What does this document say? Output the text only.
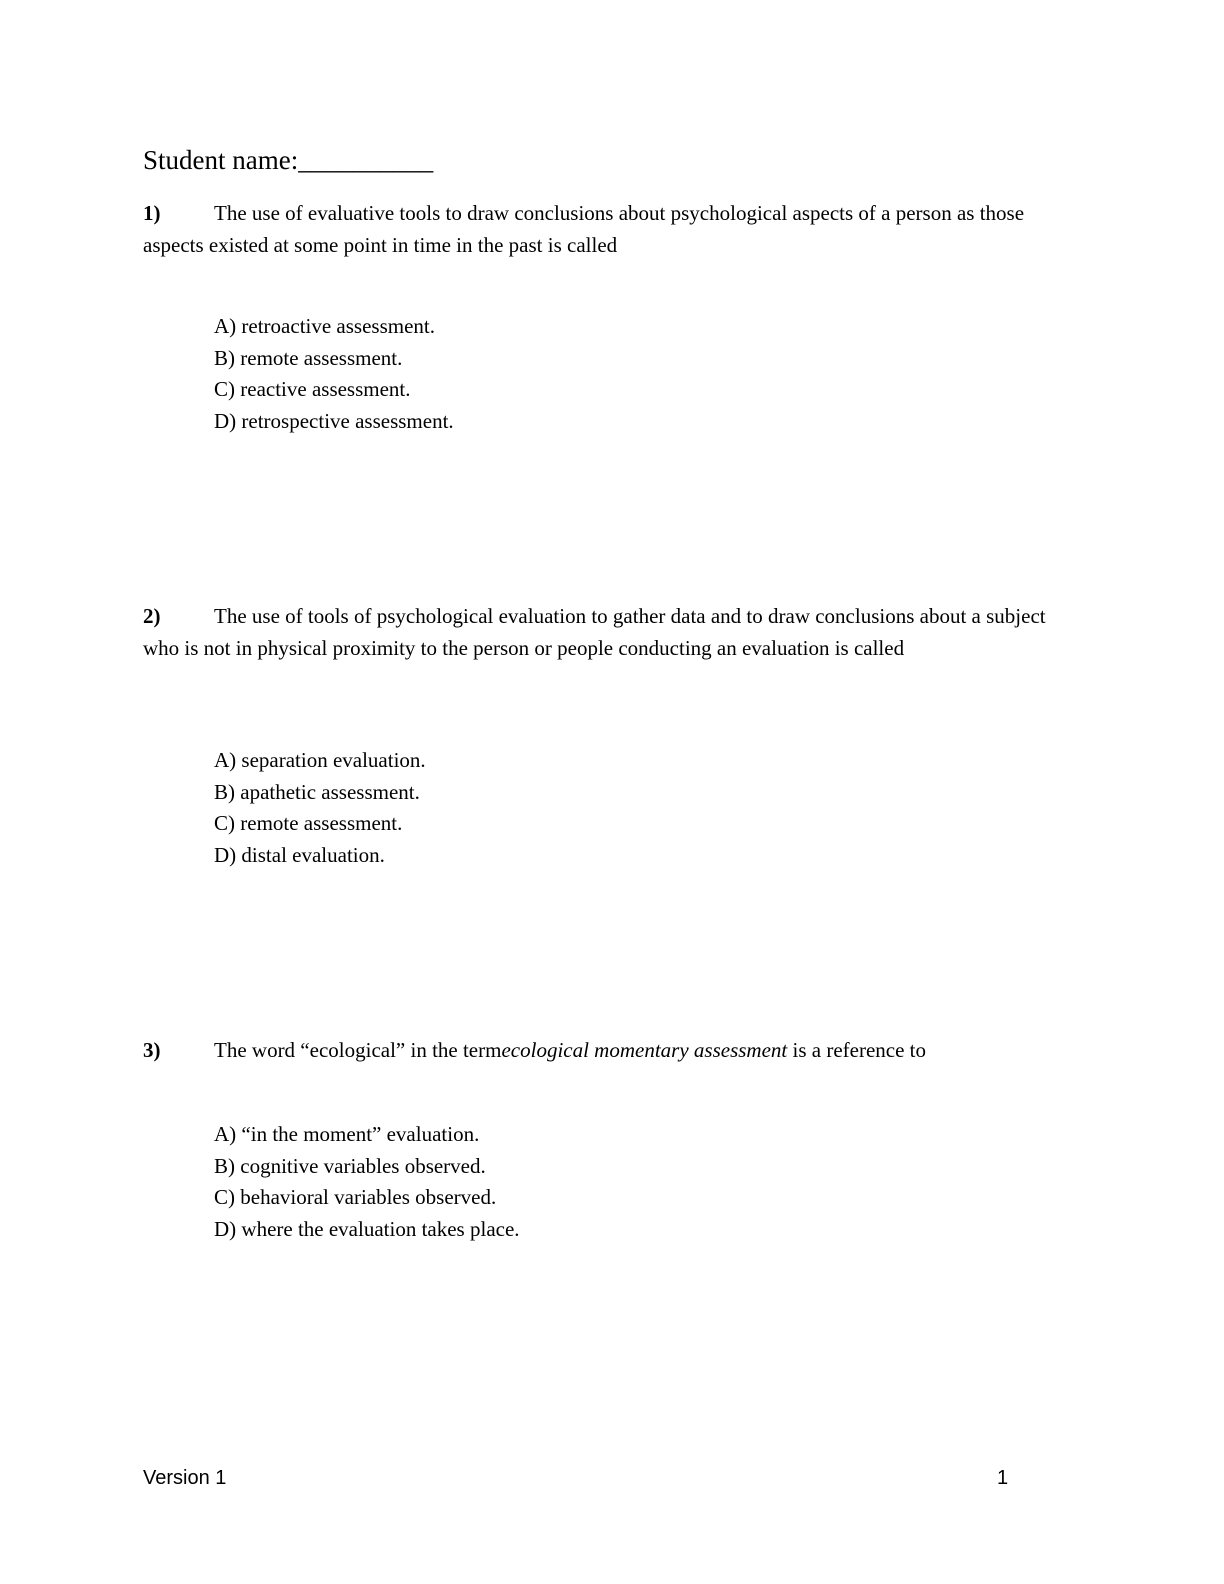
Student name:__________

1)	The use of evaluative tools to draw conclusions about psychological aspects of a person as those aspects existed at some point in time in the past is called

A) retroactive assessment.
B) remote assessment.
C) reactive assessment.
D) retrospective assessment.

2)	The use of tools of psychological evaluation to gather data and to draw conclusions about a subject who is not in physical proximity to the person or people conducting an evaluation is called

A) separation evaluation.
B) apathetic assessment.
C) remote assessment.
D) distal evaluation.

3)	The word “ecological” in the termecological momentary assessment is a reference to

A) “in the moment” evaluation.
B) cognitive variables observed.
C) behavioral variables observed.
D) where the evaluation takes place.
Version 1	1
